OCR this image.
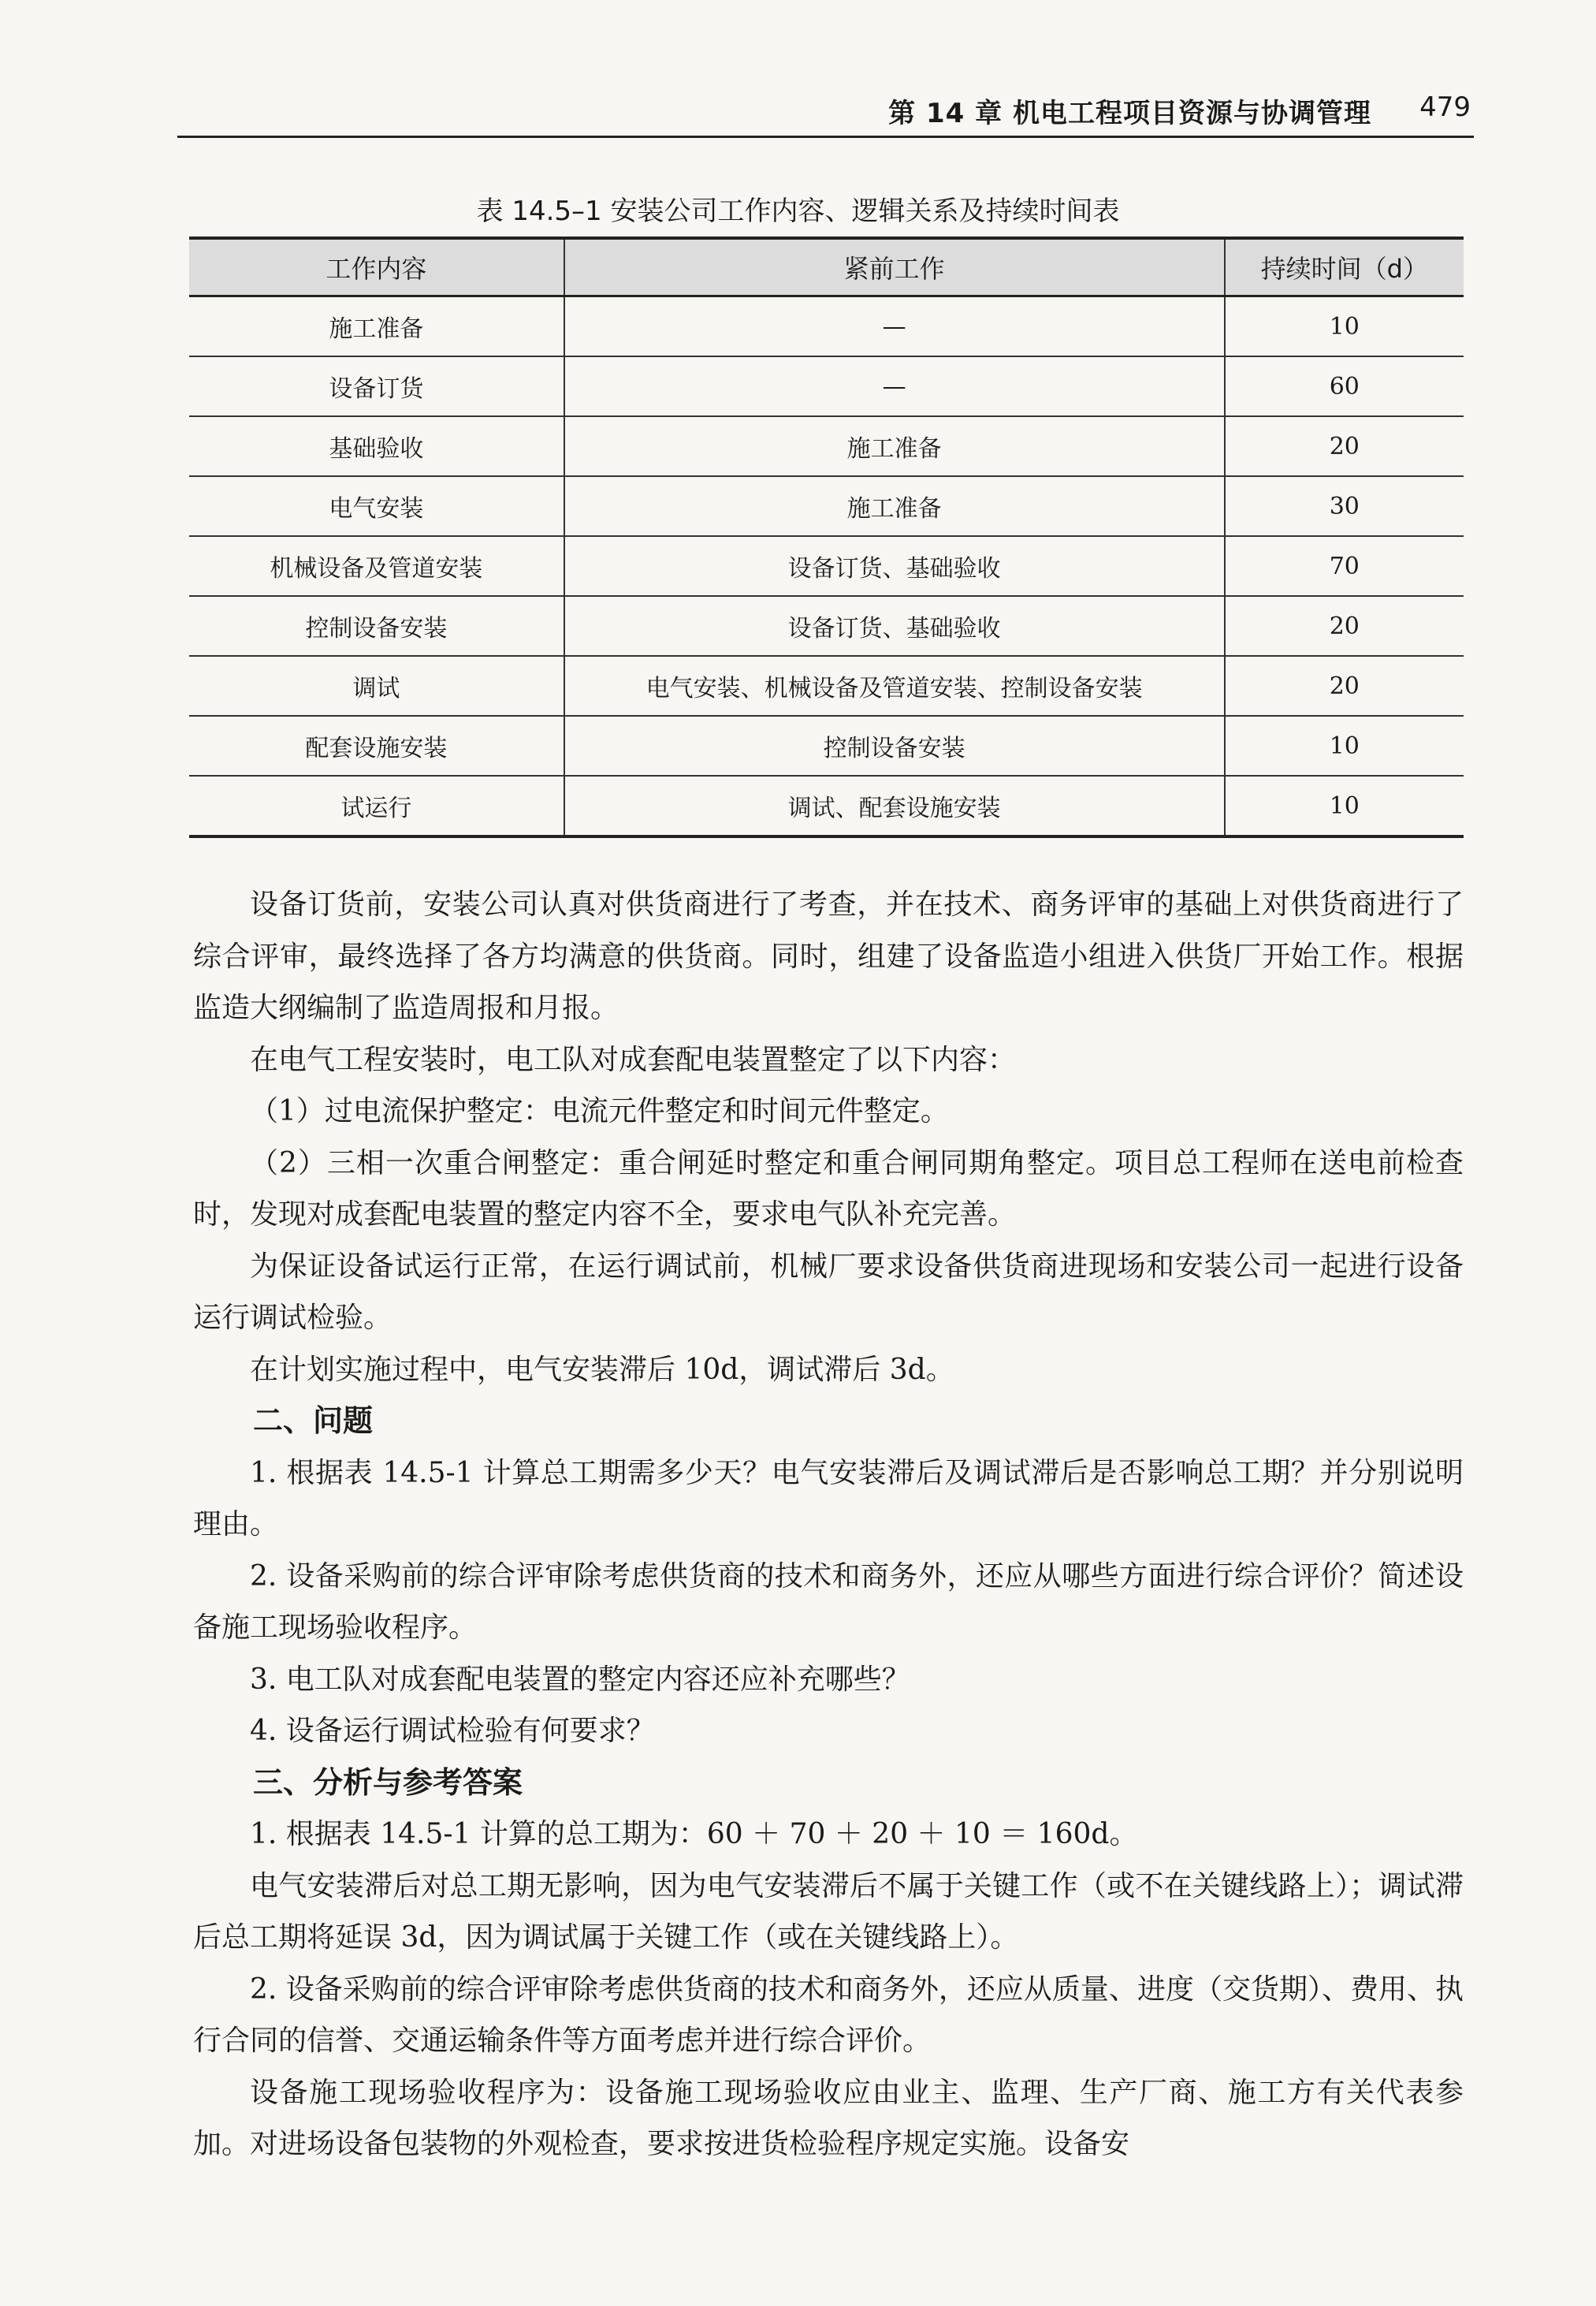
第 14 章 机电工程项目资源与协调管理 479
表 14.5–1 安装公司工作内容、逻辑关系及持续时间表
工作内容	紧前工作	持续时间（d）
施工准备	—	10
设备订货	—	60
基础验收	施工准备	20
电气安装	施工准备	30
机械设备及管道安装	设备订货、基础验收	70
控制设备安装	设备订货、基础验收	20
调试	电气安装、机械设备及管道安装、控制设备安装	20
配套设施安装	控制设备安装	10
试运行	调试、配套设施安装	10

设备订货前，安装公司认真对供货商进行了考查，并在技术、商务评审的基础上对供货商进行了综合评审，最终选择了各方均满意的供货商。同时，组建了设备监造小组进入供货厂开始工作。根据监造大纲编制了监造周报和月报。

在电气工程安装时，电工队对成套配电装置整定了以下内容：

（1）过电流保护整定：电流元件整定和时间元件整定。

（2）三相一次重合闸整定：重合闸延时整定和重合闸同期角整定。项目总工程师在送电前检查时，发现对成套配电装置的整定内容不全，要求电气队补充完善。

为保证设备试运行正常，在运行调试前，机械厂要求设备供货商进现场和安装公司一起进行设备运行调试检验。

在计划实施过程中，电气安装滞后 10d，调试滞后 3d。

二、问题

1. 根据表 14.5-1 计算总工期需多少天？电气安装滞后及调试滞后是否影响总工期？并分别说明理由。

2. 设备采购前的综合评审除考虑供货商的技术和商务外，还应从哪些方面进行综合评价？简述设备施工现场验收程序。

3. 电工队对成套配电装置的整定内容还应补充哪些？

4. 设备运行调试检验有何要求？

三、分析与参考答案

1. 根据表 14.5-1 计算的总工期为：60 ＋ 70 ＋ 20 ＋ 10 ＝ 160d。

电气安装滞后对总工期无影响，因为电气安装滞后不属于关键工作（或不在关键线路上）；调试滞后总工期将延误 3d，因为调试属于关键工作（或在关键线路上）。

2. 设备采购前的综合评审除考虑供货商的技术和商务外，还应从质量、进度（交货期）、费用、执行合同的信誉、交通运输条件等方面考虑并进行综合评价。

设备施工现场验收程序为：设备施工现场验收应由业主、监理、生产厂商、施工方有关代表参加。对进场设备包装物的外观检查，要求按进货检验程序规定实施。设备安
